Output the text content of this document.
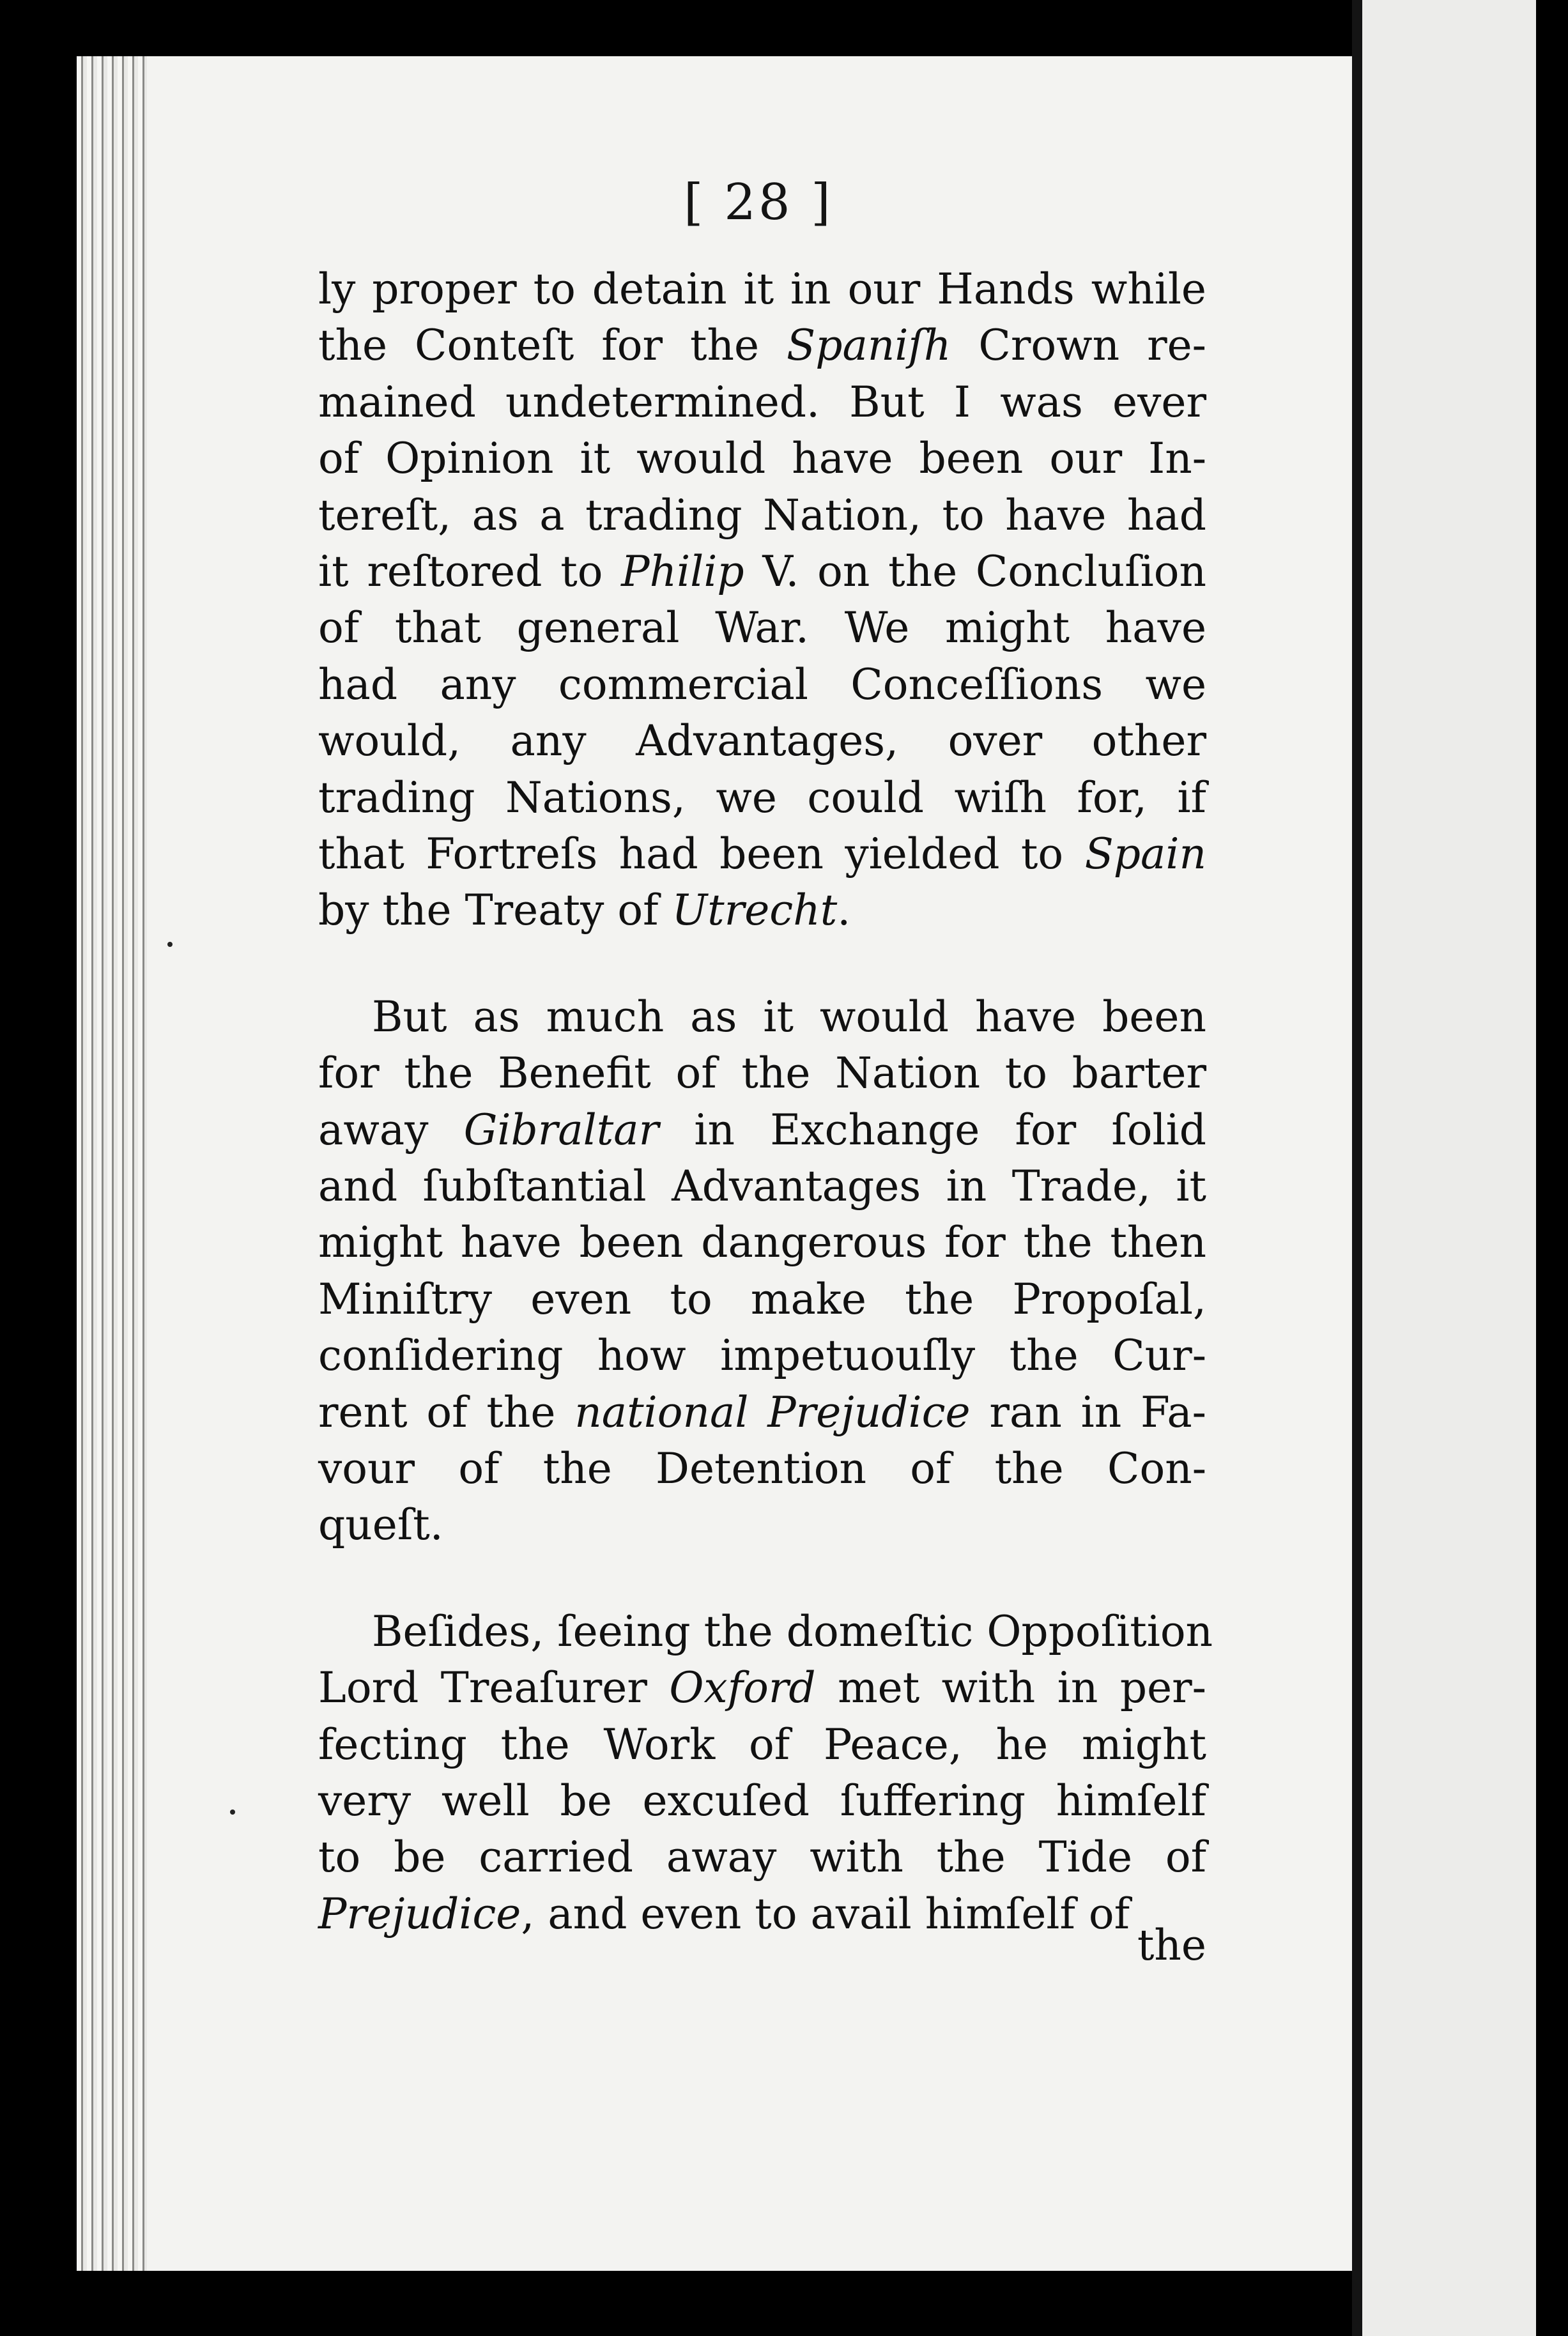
[ 28 ]
ly proper to detain it in our Hands while
the Conteſt for the Spaniſh Crown re-
mained undetermined. But I was ever
of Opinion it would have been our In-
tereſt, as a trading Nation, to have had
it reſtored to Philip V. on the Concluſion
of that general War. We might have
had any commercial Conceſſions we
would, any Advantages, over other
trading Nations, we could wiſh for, if
that Fortreſs had been yielded to Spain
by the Treaty of Utrecht.
But as much as it would have been
for the Benefit of the Nation to barter
away Gibraltar in Exchange for ſolid
and ſubſtantial Advantages in Trade, it
might have been dangerous for the then
Miniſtry even to make the Propoſal,
conſidering how impetuouſly the Cur-
rent of the national Prejudice ran in Fa-
vour of the Detention of the Con-
queſt.
Beſides, ſeeing the domeſtic Oppoſition
Lord Treaſurer Oxford met with in per-
fecting the Work of Peace, he might
very well be excuſed ſuffering himſelf
to be carried away with the Tide of
Prejudice, and even to avail himſelf of
the
